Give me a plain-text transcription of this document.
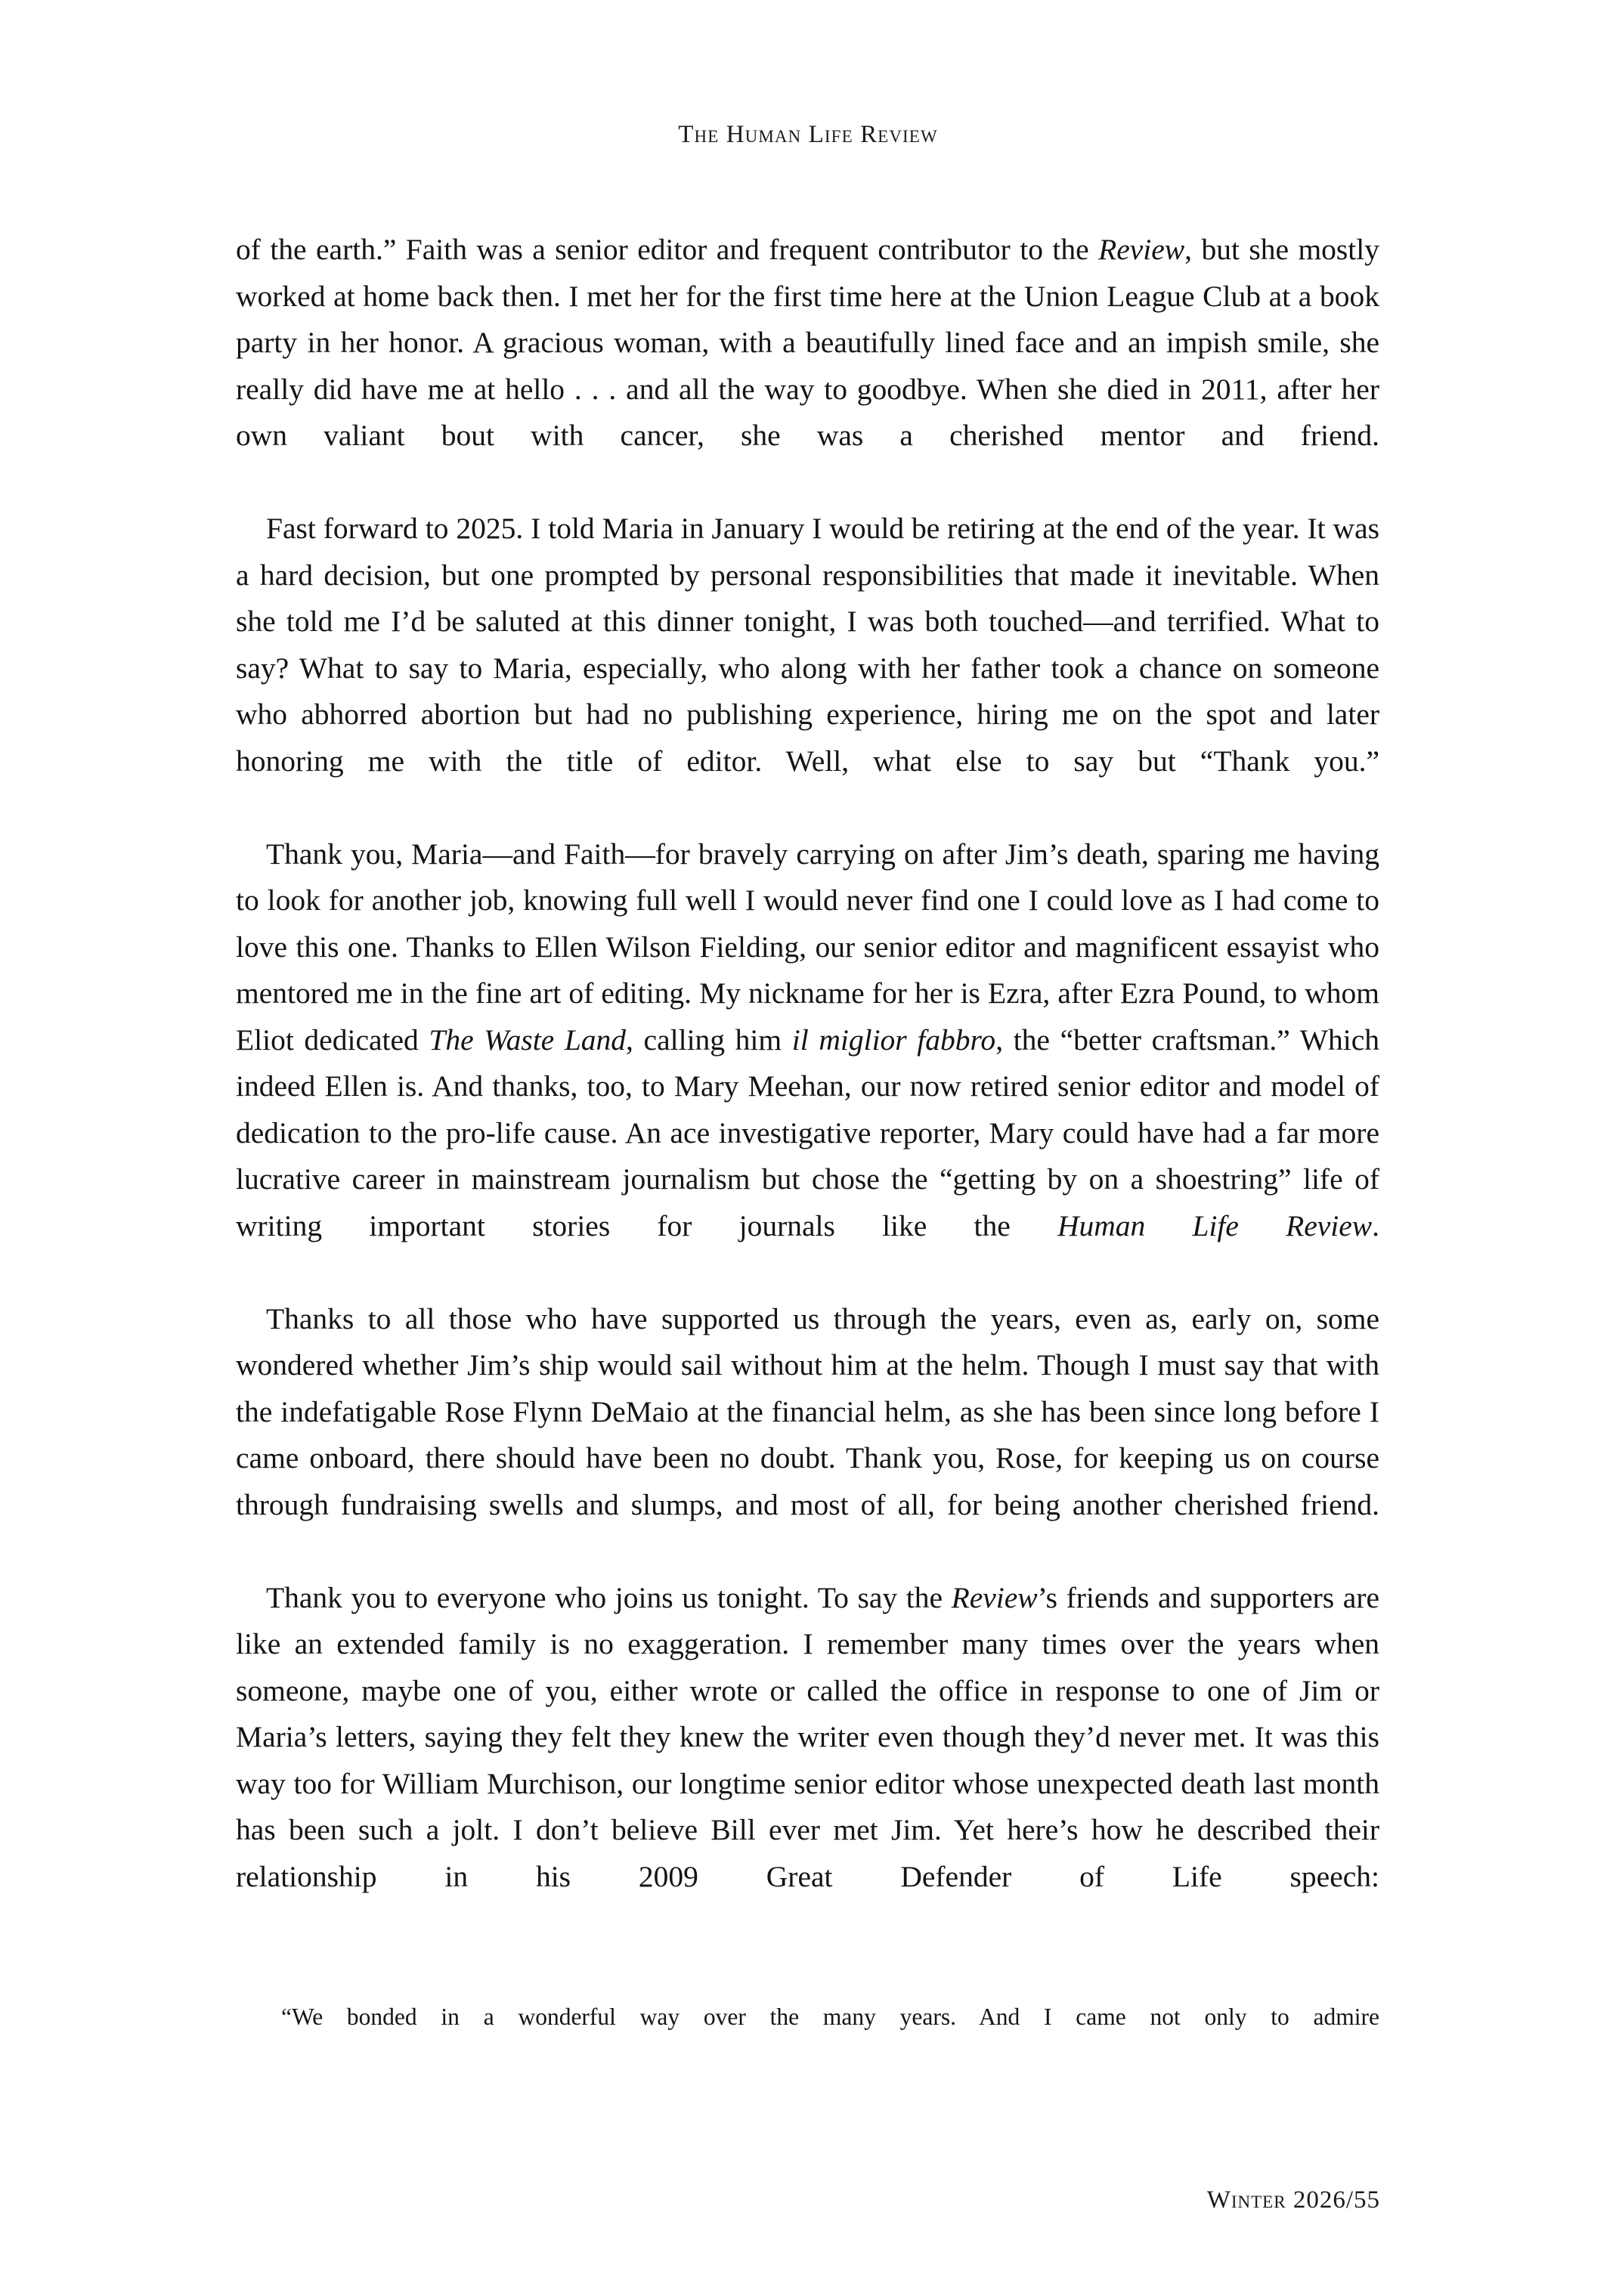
The Human Life Review

of the earth.” Faith was a senior editor and frequent contributor to the Review, but she mostly worked at home back then. I met her for the first time here at the Union League Club at a book party in her honor. A gracious woman, with a beautifully lined face and an impish smile, she really did have me at hello . . . and all the way to goodbye. When she died in 2011, after her own valiant bout with cancer, she was a cherished mentor and friend.

Fast forward to 2025. I told Maria in January I would be retiring at the end of the year. It was a hard decision, but one prompted by personal responsibilities that made it inevitable. When she told me I’d be saluted at this dinner tonight, I was both touched—and terrified. What to say? What to say to Maria, especially, who along with her father took a chance on someone who abhorred abortion but had no publishing experience, hiring me on the spot and later honoring me with the title of editor. Well, what else to say but “Thank you.”

Thank you, Maria—and Faith—for bravely carrying on after Jim’s death, sparing me having to look for another job, knowing full well I would never find one I could love as I had come to love this one. Thanks to Ellen Wilson Fielding, our senior editor and magnificent essayist who mentored me in the fine art of editing. My nickname for her is Ezra, after Ezra Pound, to whom Eliot dedicated The Waste Land, calling him il miglior fabbro, the “better craftsman.” Which indeed Ellen is. And thanks, too, to Mary Meehan, our now retired senior editor and model of dedication to the pro-life cause. An ace investigative reporter, Mary could have had a far more lucrative career in mainstream journalism but chose the “getting by on a shoestring” life of writing important stories for journals like the Human Life Review.

Thanks to all those who have supported us through the years, even as, early on, some wondered whether Jim’s ship would sail without him at the helm. Though I must say that with the indefatigable Rose Flynn DeMaio at the financial helm, as she has been since long before I came onboard, there should have been no doubt. Thank you, Rose, for keeping us on course through fundraising swells and slumps, and most of all, for being another cherished friend.

Thank you to everyone who joins us tonight. To say the Review’s friends and supporters are like an extended family is no exaggeration. I remember many times over the years when someone, maybe one of you, either wrote or called the office in response to one of Jim or Maria’s letters, saying they felt they knew the writer even though they’d never met. It was this way too for William Murchison, our longtime senior editor whose unexpected death last month has been such a jolt. I don’t believe Bill ever met Jim. Yet here’s how he described their relationship in his 2009 Great Defender of Life speech:

“We bonded in a wonderful way over the many years. And I came not only to admire

Winter 2026/55
